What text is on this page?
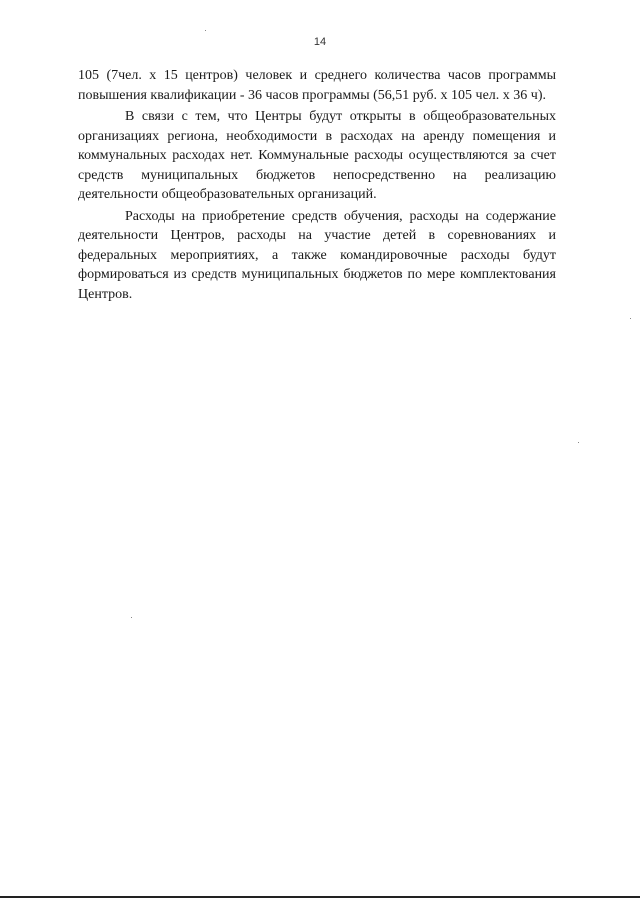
14

105 (7чел. х 15 центров) человек и среднего количества часов программы повышения квалификации - 36 часов программы (56,51 руб. х 105 чел. х 36 ч).

В связи с тем, что Центры будут открыты в общеобразовательных организациях региона, необходимости в расходах на аренду помещения и коммунальных расходах нет. Коммунальные расходы осуществляются за счет средств муниципальных бюджетов непосредственно на реализацию деятельности общеобразовательных организаций.

Расходы на приобретение средств обучения, расходы на содержание деятельности Центров, расходы на участие детей в соревнованиях и федеральных мероприятиях, а также командировочные расходы будут формироваться из средств муниципальных бюджетов по мере комплектования Центров.
